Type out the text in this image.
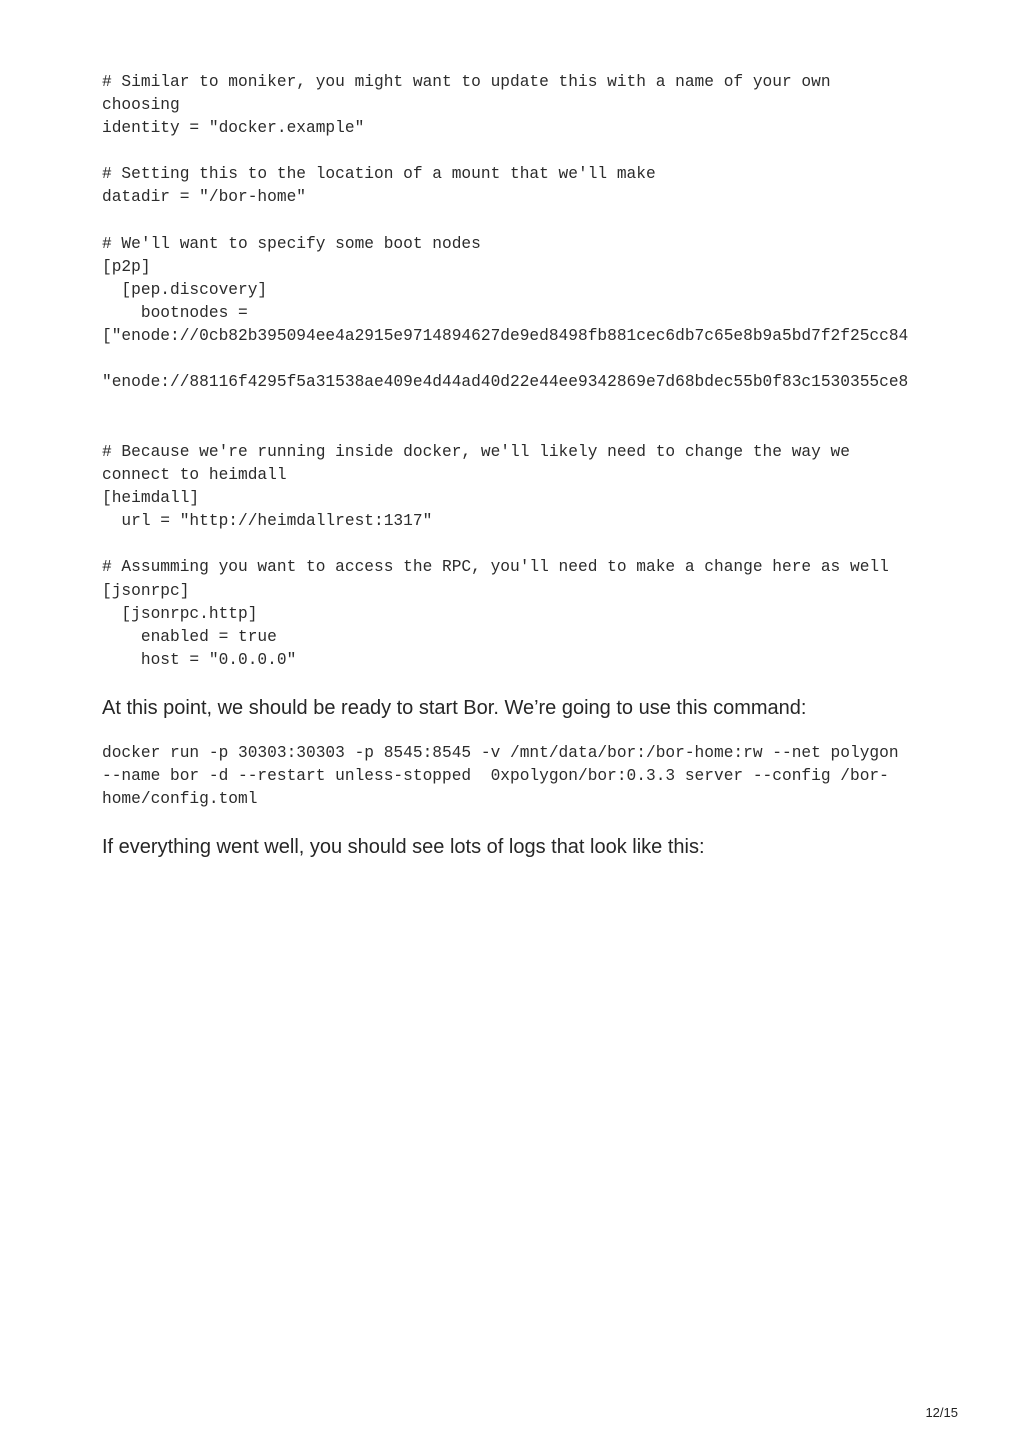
# Similar to moniker, you might want to update this with a name of your own
choosing
identity = "docker.example"
# Setting this to the location of a mount that we'll make
datadir = "/bor-home"
# We'll want to specify some boot nodes
[p2p]
[pep.discovery]
bootnodes =
["enode://0cb82b395094ee4a2915e9714894627de9ed8498fb881cec6db7c65e8b9a5bd7f2f25cc84
"enode://88116f4295f5a31538ae409e4d44ad40d22e44ee9342869e7d68bdec55b0f83c1530355ce8
# Because we're running inside docker, we'll likely need to change the way we
connect to heimdall
[heimdall]
url = "http://heimdallrest:1317"
# Assumming you want to access the RPC, you'll need to make a change here as well
[jsonrpc]
[jsonrpc.http]
enabled = true
host = "0.0.0.0"

At this point, we should be ready to start Bor. We’re going to use this command:

docker run -p 30303:30303 -p 8545:8545 -v /mnt/data/bor:/bor-home:rw --net polygon
--name bor -d --restart unless-stopped  0xpolygon/bor:0.3.3 server --config /bor-
home/config.toml

If everything went well, you should see lots of logs that look like this:

12/15
